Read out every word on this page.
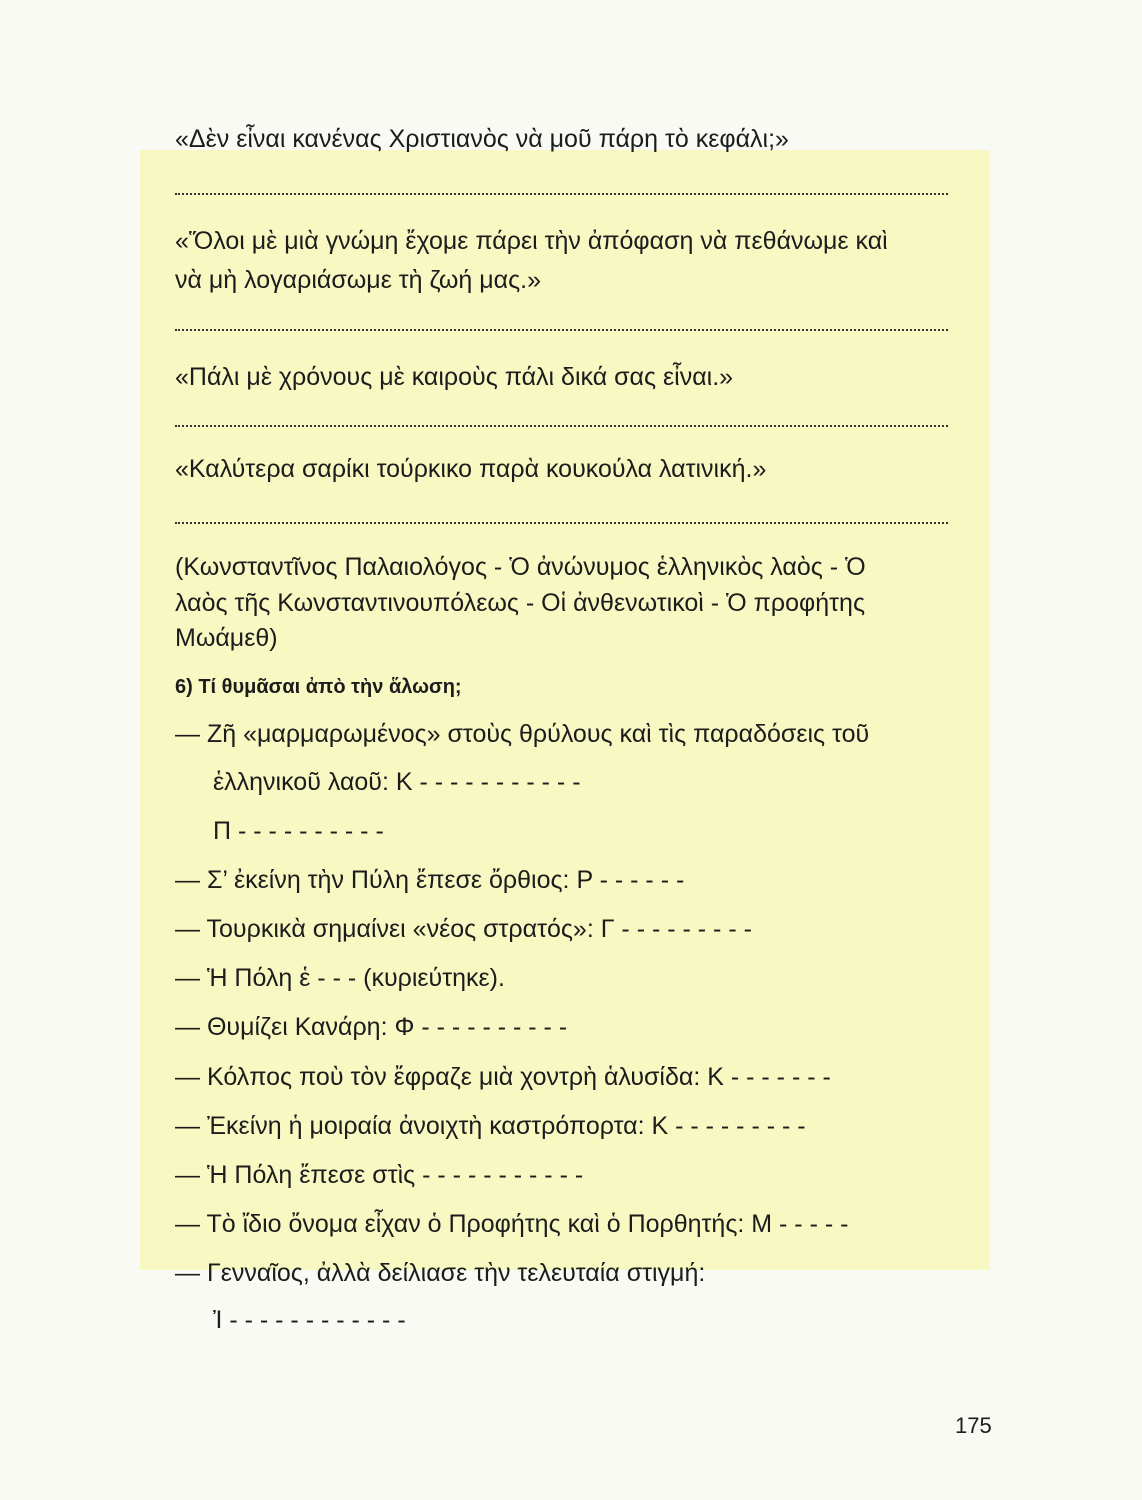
«Δὲν εἶναι κανένας Χριστιανὸς νὰ μοῦ πάρη τὸ κεφάλι;»
«Ὅλοι μὲ μιὰ γνώμη ἔχομε πάρει τὴν ἀπόφαση νὰ πεθάνωμε καὶ
νὰ μὴ λογαριάσωμε τὴ ζωή μας.»
«Πάλι μὲ χρόνους μὲ καιροὺς πάλι δικά σας εἶναι.»
«Καλύτερα σαρίκι τούρκικο παρὰ κουκούλα λατινική.»
(Κωνσταντῖνος Παλαιολόγος - Ὁ ἀνώνυμος ἑλληνικὸς λαὸς - Ὁ
λαὸς τῆς Κωνσταντινουπόλεως - Οἱ ἀνθενωτικοὶ - Ὁ προφήτης
Μωάμεθ)
6) Τί θυμᾶσαι ἀπὸ τὴν ἅλωση;
— Ζῆ «μαρμαρωμένος» στοὺς θρύλους καὶ τὶς παραδόσεις τοῦ
ἑλληνικοῦ λαοῦ: Κ - - - - - - - - - - -
Π - - - - - - - - - -
— Σ’ ἐκείνη τὴν Πύλη ἔπεσε ὄρθιος: Ρ - - - - - -
— Τουρκικὰ σημαίνει «νέος στρατός»: Γ - - - - - - - - -
— Ἡ Πόλη ἑ - - - (κυριεύτηκε).
— Θυμίζει Κανάρη: Φ - - - - - - - - - -
— Κόλπος ποὺ τὸν ἔφραζε μιὰ χοντρὴ ἁλυσίδα: Κ - - - - - - -
— Ἐκείνη ἡ μοιραία ἀνοιχτὴ καστρόπορτα: Κ - - - - - - - - -
— Ἡ Πόλη ἔπεσε στὶς - - - - - - - - - - -
— Τὸ ἴδιο ὄνομα εἶχαν ὁ Προφήτης καὶ ὁ Πορθητής: Μ - - - - -
— Γενναῖος, ἀλλὰ δείλιασε τὴν τελευταία στιγμή:
Ἰ - - - - - - - - - - - -
175
